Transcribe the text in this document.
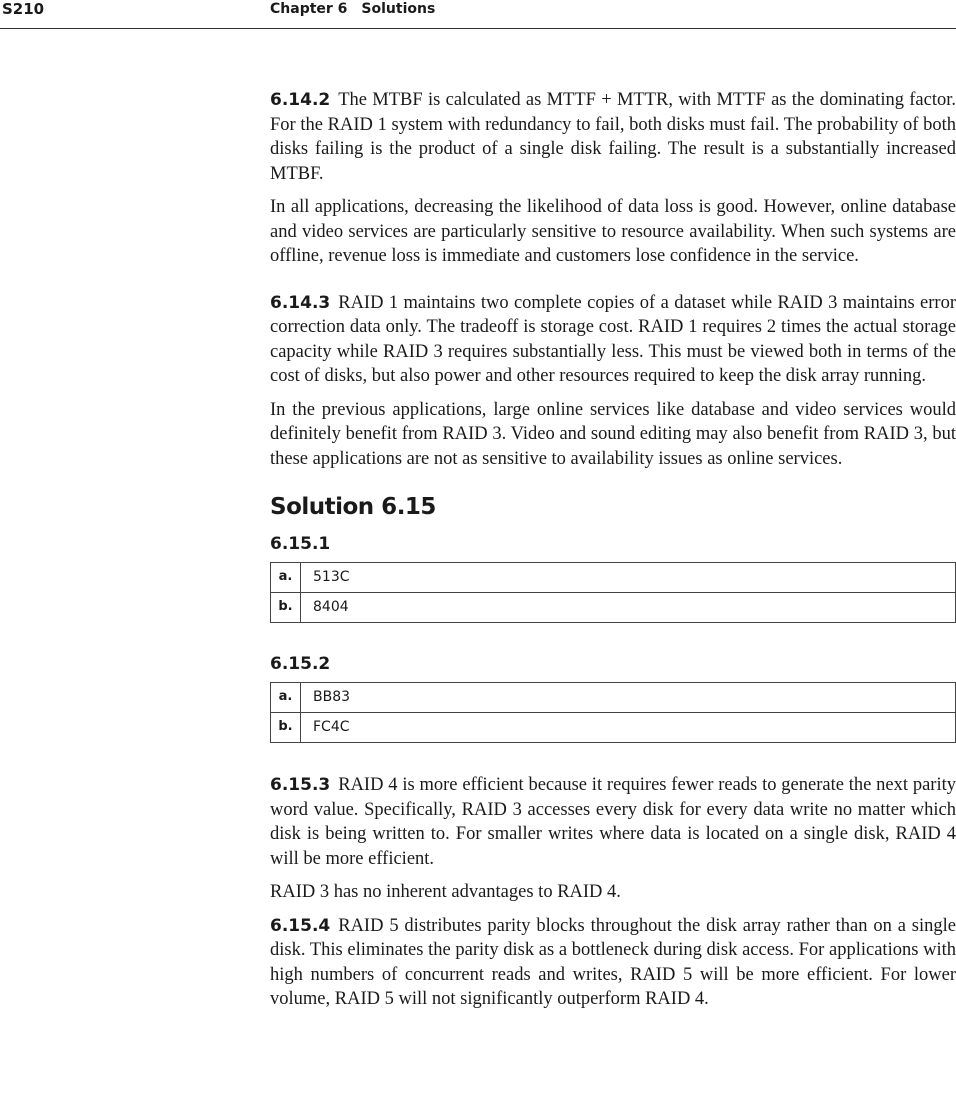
S210	Chapter 6 Solutions

6.14.2 The MTBF is calculated as MTTF + MTTR, with MTTF as the dominating factor. For the RAID 1 system with redundancy to fail, both disks must fail. The probability of both disks failing is the product of a single disk failing. The result is a substantially increased MTBF.

In all applications, decreasing the likelihood of data loss is good. However, online database and video services are particularly sensitive to resource availability. When such systems are offline, revenue loss is immediate and customers lose confidence in the service.

6.14.3 RAID 1 maintains two complete copies of a dataset while RAID 3 maintains error correction data only. The tradeoff is storage cost. RAID 1 requires 2 times the actual storage capacity while RAID 3 requires substantially less. This must be viewed both in terms of the cost of disks, but also power and other resources required to keep the disk array running.

In the previous applications, large online services like database and video services would definitely benefit from RAID 3. Video and sound editing may also benefit from RAID 3, but these applications are not as sensitive to availability issues as online services.

Solution 6.15
6.15.1
a.	513C
b.	8404
6.15.2
a.	BB83
b.	FC4C

6.15.3 RAID 4 is more efficient because it requires fewer reads to generate the next parity word value. Specifically, RAID 3 accesses every disk for every data write no matter which disk is being written to. For smaller writes where data is located on a single disk, RAID 4 will be more efficient.

RAID 3 has no inherent advantages to RAID 4.

6.15.4 RAID 5 distributes parity blocks throughout the disk array rather than on a single disk. This eliminates the parity disk as a bottleneck during disk access. For applications with high numbers of concurrent reads and writes, RAID 5 will be more efficient. For lower volume, RAID 5 will not significantly outperform RAID 4.
